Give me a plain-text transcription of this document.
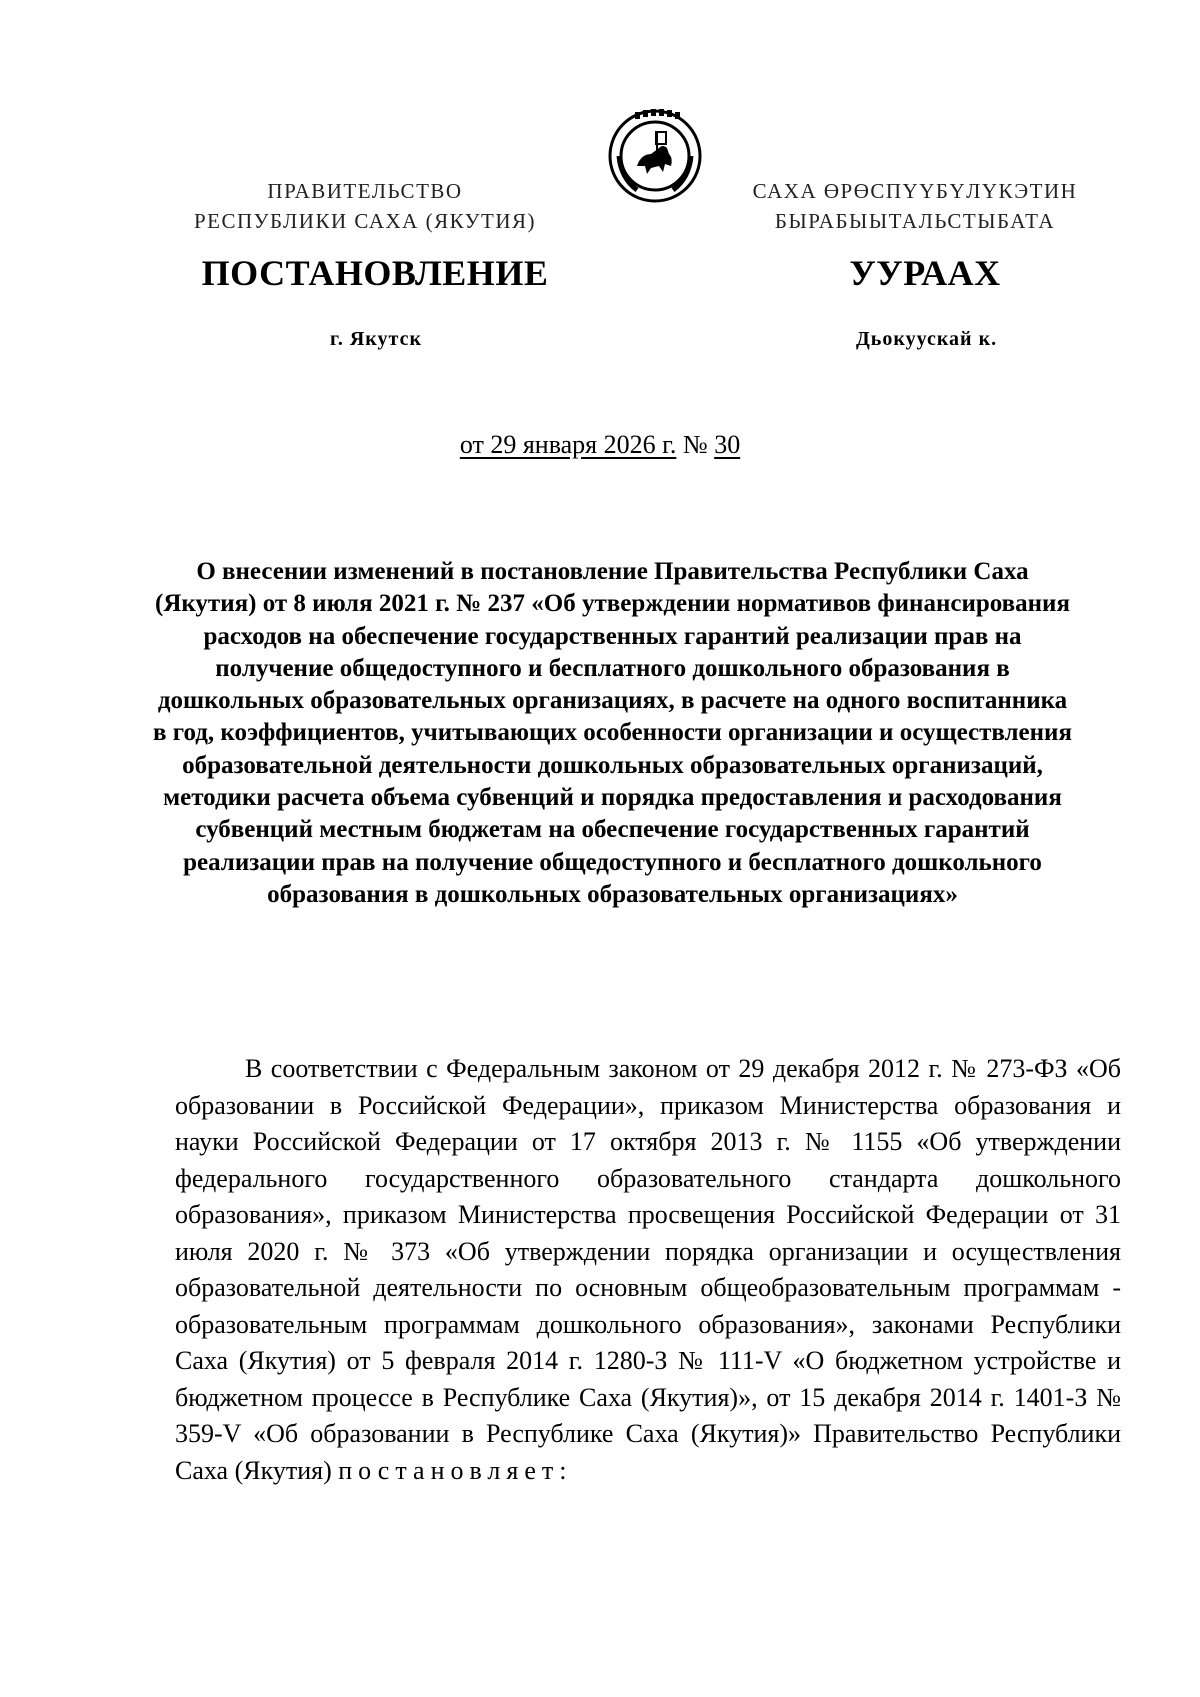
ПРАВИТЕЛЬСТВО
РЕСПУБЛИКИ САХА (ЯКУТИЯ)
САХА ӨРӨСПҮҮБҮЛҮКЭТИН
БЫРАБЫЫТАЛЬСТЫБАТА
ПОСТАНОВЛЕНИЕ	УУРААХ
г. Якутск	Дьокуускай к.
от 29 января 2026 г. № 30
О внесении изменений в постановление Правительства Республики Саха (Якутия) от 8 июля 2021 г. № 237 «Об утверждении нормативов финансирования расходов на обеспечение государственных гарантий реализации прав на получение общедоступного и бесплатного дошкольного образования в дошкольных образовательных организациях, в расчете на одного воспитанника в год, коэффициентов, учитывающих особенности организации и осуществления образовательной деятельности дошкольных образовательных организаций, методики расчета объема субвенций и порядка предоставления и расходования субвенций местным бюджетам на обеспечение государственных гарантий реализации прав на получение общедоступного и бесплатного дошкольного образования в дошкольных образовательных организациях»

В соответствии с Федеральным законом от 29 декабря 2012 г. № 273-ФЗ «Об образовании в Российской Федерации», приказом Министерства образования и науки Российской Федерации от 17 октября 2013 г. № 1155 «Об утверждении федерального государственного образовательного стандарта дошкольного образования», приказом Министерства просвещения Российской Федерации от 31 июля 2020 г. № 373 «Об утверждении порядка организации и осуществления образовательной деятельности по основным общеобразовательным программам - образовательным программам дошкольного образования», законами Республики Саха (Якутия) от 5 февраля 2014 г. 1280-З № 111-V «О бюджетном устройстве и бюджетном процессе в Республике Саха (Якутия)», от 15 декабря 2014 г. 1401-З № 359-V «Об образовании в Республике Саха (Якутия)» Правительство Республики Саха (Якутия) постановляет:
